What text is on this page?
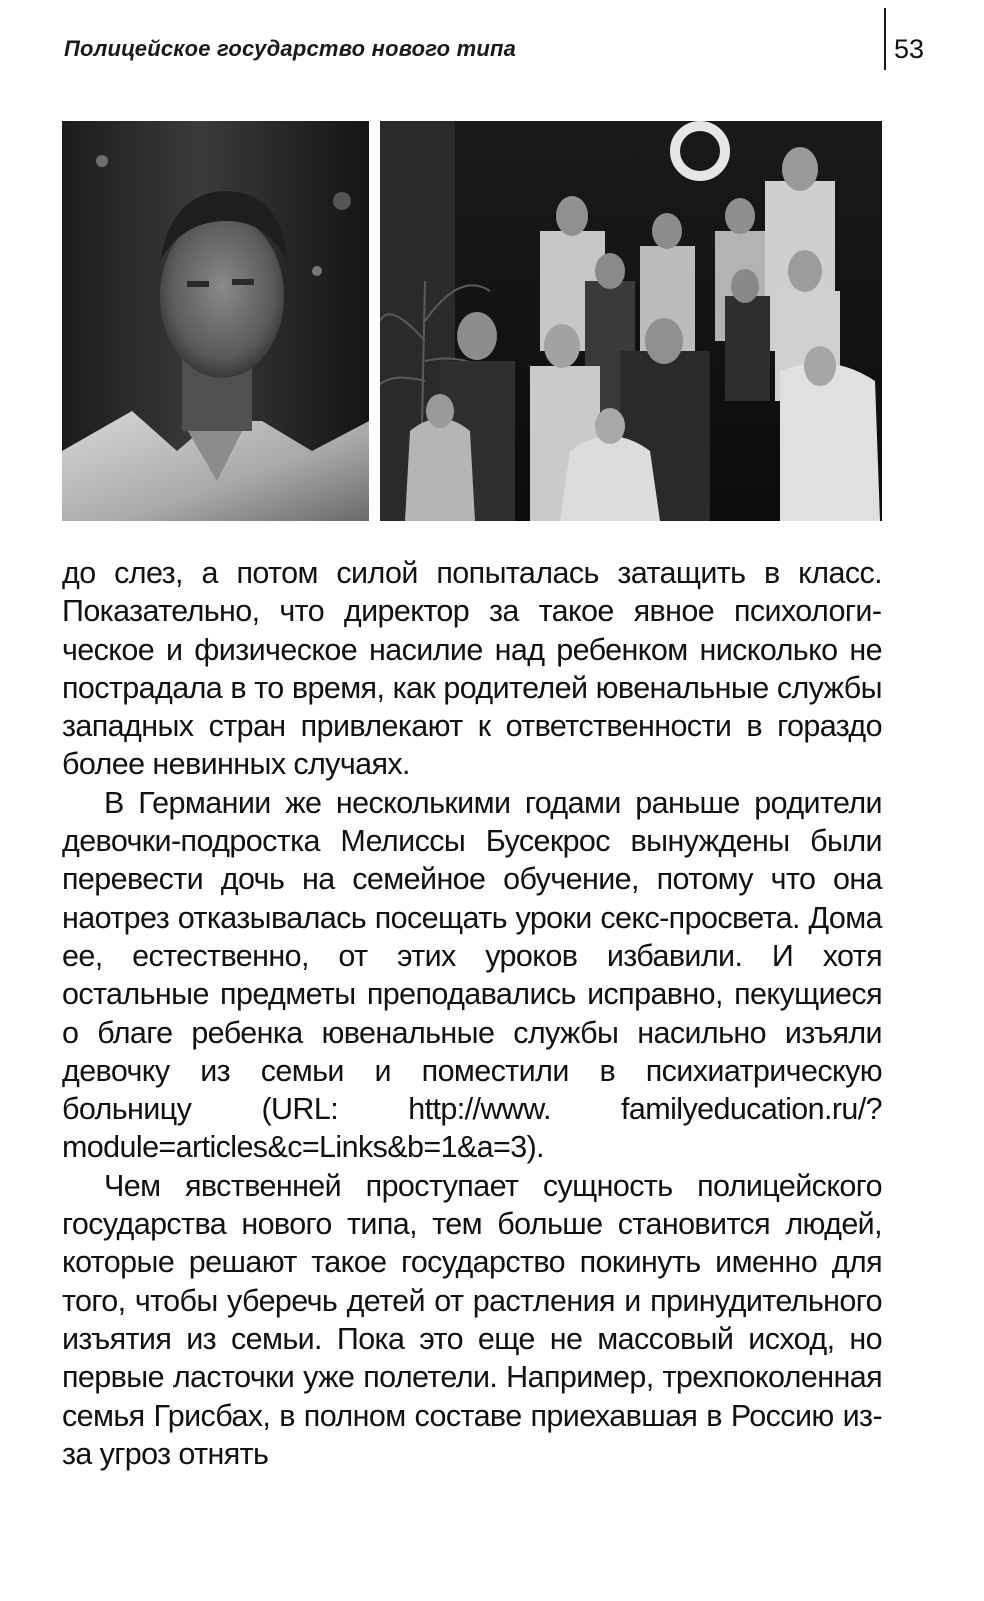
Полицейское государство нового типа	53

до слез, а потом силой попыталась затащить в класс. Показательно, что директор за такое явное психологическое и физическое насилие над ребенком нисколько не пострадала в то время, как родителей ювенальные службы западных стран привлекают к ответственности в гораздо более невинных случаях.

В Германии же несколькими годами раньше родители девочки-подростка Мелиссы Бусекрос вынуждены были перевести дочь на семейное обучение, потому что она наотрез отказывалась посещать уроки секс-просвета. Дома ее, естественно, от этих уроков избавили. И хотя остальные предметы преподавались исправно, пекущиеся о благе ребенка ювенальные службы насильно изъяли девочку из семьи и поместили в психиатрическую больницу (URL: http://www. familyeducation.ru/?module=articles&c=Links&b=1&a=3).

Чем явственней проступает сущность полицейского государства нового типа, тем больше становится людей, которые решают такое государство покинуть именно для того, чтобы уберечь детей от растления и принудительного изъятия из семьи. Пока это еще не массовый исход, но первые ласточки уже полетели. Например, трехпоколенная семья Грисбах, в полном составе приехавшая в Россию из-за угроз отнять
